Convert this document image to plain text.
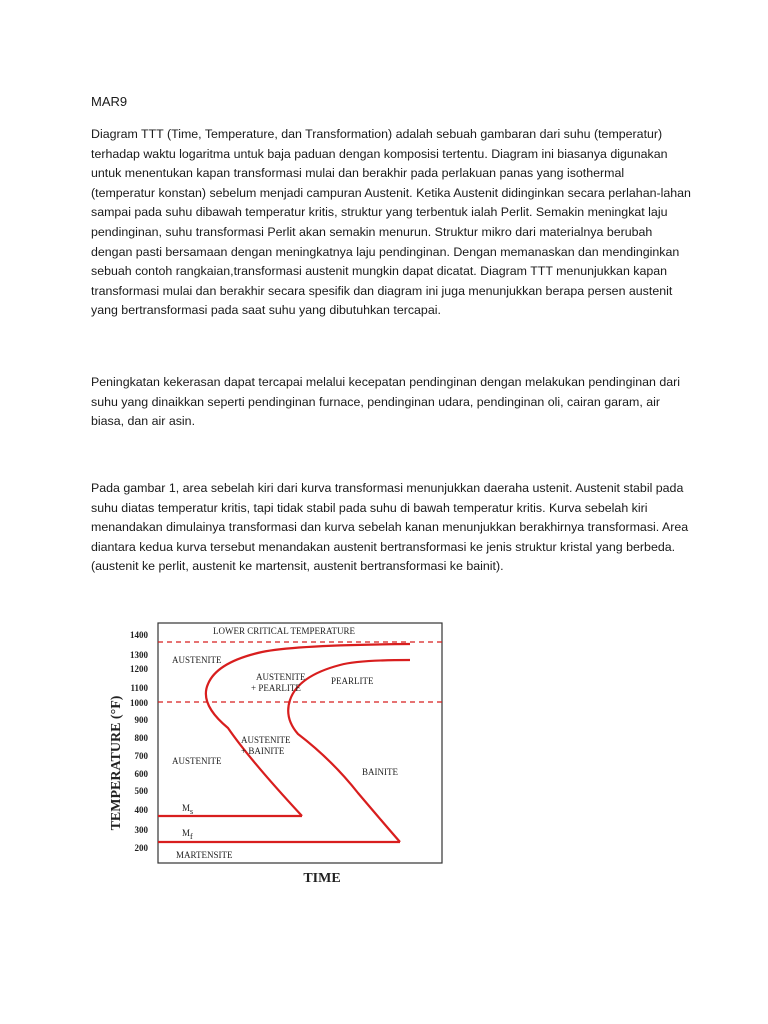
MAR9

Diagram TTT (Time, Temperature, dan Transformation) adalah sebuah gambaran dari suhu (temperatur) terhadap waktu logaritma untuk baja paduan dengan komposisi tertentu. Diagram ini biasanya digunakan untuk menentukan kapan transformasi mulai dan berakhir pada perlakuan panas yang isothermal (temperatur konstan) sebelum menjadi campuran Austenit. Ketika Austenit didinginkan secara perlahan-lahan sampai pada suhu dibawah temperatur kritis, struktur yang terbentuk ialah Perlit. Semakin meningkat laju pendinginan, suhu transformasi Perlit akan semakin menurun. Struktur mikro dari materialnya berubah dengan pasti bersamaan dengan meningkatnya laju pendinginan. Dengan memanaskan dan mendinginkan sebuah contoh rangkaian,transformasi austenit mungkin dapat dicatat. Diagram TTT menunjukkan kapan transformasi mulai dan berakhir secara spesifik dan diagram ini juga menunjukkan berapa persen austenit yang bertransformasi pada saat suhu yang dibutuhkan tercapai.

Peningkatan kekerasan dapat tercapai melalui kecepatan pendinginan dengan melakukan pendinginan dari suhu yang dinaikkan seperti pendinginan furnace, pendinginan udara, pendinginan oli, cairan garam, air biasa, dan air asin.

Pada gambar 1, area sebelah kiri dari kurva transformasi menunjukkan daeraha ustenit. Austenit stabil pada suhu diatas temperatur kritis, tapi tidak stabil pada suhu di bawah temperatur kritis. Kurva sebelah kiri menandakan dimulainya transformasi dan kurva sebelah kanan menunjukkan berakhirnya transformasi. Area diantara kedua kurva tersebut menandakan austenit bertransformasi ke jenis struktur kristal yang berbeda.(austenit ke perlit, austenit ke martensit, austenit bertransformasi ke bainit).

TEMPERATURE (°F)
1400
1300
1200
1100
1000
900
800
700
600
500
400
300
200
LOWER CRITICAL TEMPERATURE
AUSTENITE
AUSTENITE
+ PEARLITE
PEARLITE
AUSTENITE
+ BAINITE
AUSTENITE
BAINITE
Ms
Mf
MARTENSITE
TIME
